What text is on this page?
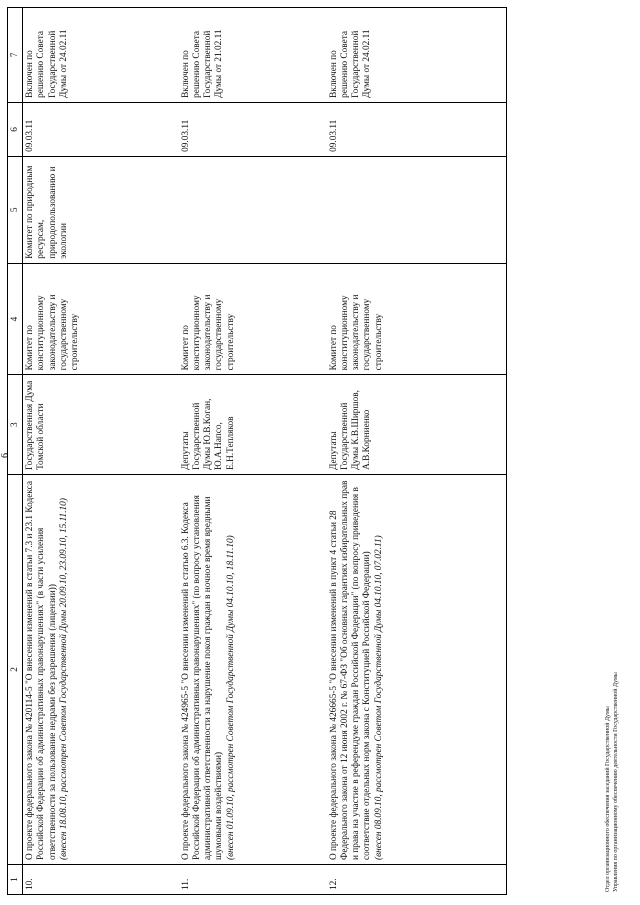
6
1	2	3	4	5	6	7
10.	О проекте федерального закона № 420114-5 "О внесении изменений в статьи 7.3 и 23.1 Кодекса Российской Федерации об административных правонарушениях" (в части усиления ответственности за пользование недрами без разрешения (лицензии)) (внесен 18.08.10, рассмотрен Советом Государственной Думы 20.09.10, 23.09.10, 15.11.10)	Государственная Дума Томской области	Комитет по конституционному законодательству и государственному строительству	Комитет по природным ресурсам, природопользованию и экологии	09.03.11	Включен по решению Совета Государственной Думы от 24.02.11
11.	О проекте федерального закона № 424965-5 "О внесении изменений в статью 6.3. Кодекса Российской Федерации об административных правонарушениях" (по вопросу установления административной ответственности за нарушение покоя граждан в ночное время вредными шумовыми воздействиями) (внесен 01.09.10, рассмотрен Советом Государственной Думы 04.10.10, 18.11.10)	Депутаты Государственной Думы Ю.В.Коган, Ю.А.Напсо, Е.Н.Тепляков	Комитет по конституционному законодательству и государственному строительству		09.03.11	Включен по решению Совета Государственной Думы от 21.02.11
12.	О проекте федерального закона № 426665-5 "О внесении изменений в пункт 4 статьи 28 Федерального закона от 12 июня 2002 г. № 67-ФЗ "Об основных гарантиях избирательных прав и права на участие в референдуме граждан Российской Федерации" (по вопросу приведения в соответствие отдельных норм закона с Конституцией Российской Федерации) (внесен 08.09.10, рассмотрен Советом Государственной Думы 04.10.10, 07.02.11)	Депутаты Государственной Думы К.В.Ширшов, А.В.Корниенко	Комитет по конституционному законодательству и государственному строительству		09.03.11	Включен по решению Совета Государственной Думы от 24.02.11
Отдел организационного обеспечения заседаний Государственной Думы Управления по организационному обеспечению деятельности Государственной Думы
